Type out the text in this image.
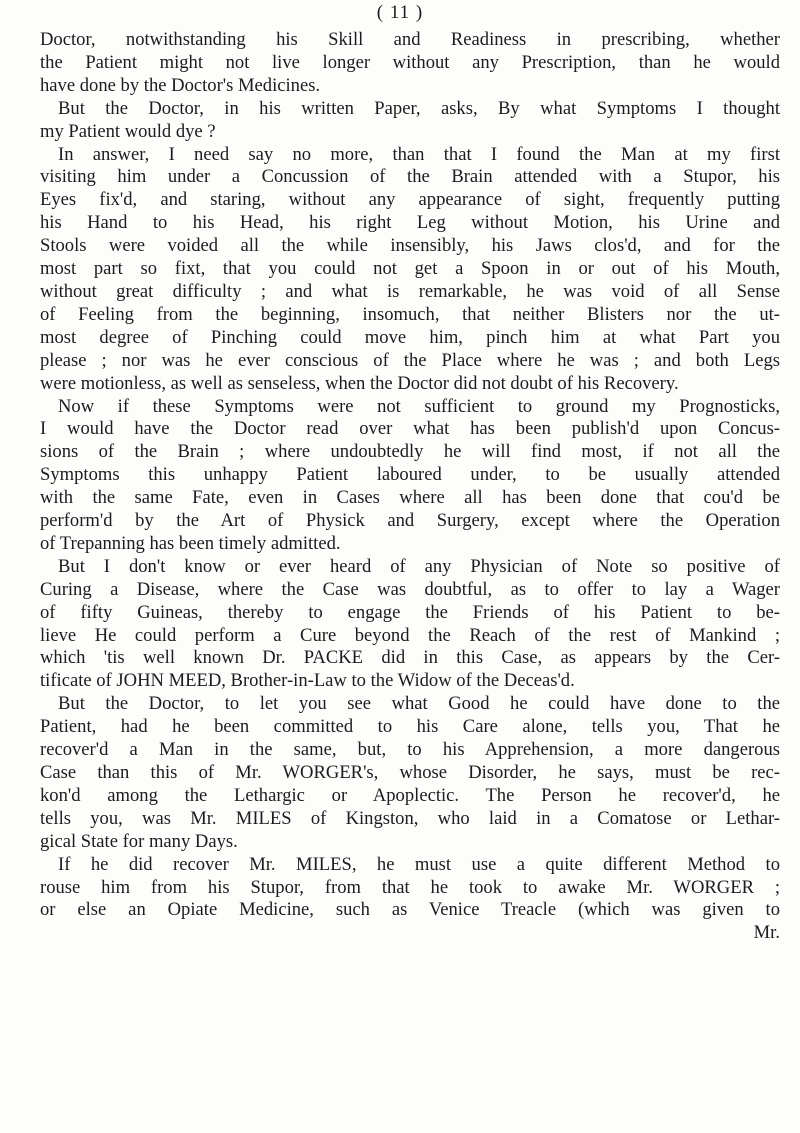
( 11 )
Doctor, notwithstanding his Skill and Readiness in prescribing, whether
the Patient might not live longer without any Prescription, than he would
have done by the Doctor's Medicines.
But the Doctor, in his written Paper, asks, By what Symptoms I thought
my Patient would dye ?
In answer, I need say no more, than that I found the Man at my first
visiting him under a Concussion of the Brain attended with a Stupor, his
Eyes fix'd, and staring, without any appearance of sight, frequently putting
his Hand to his Head, his right Leg without Motion, his Urine and
Stools were voided all the while insensibly, his Jaws clos'd, and for the
most part so fixt, that you could not get a Spoon in or out of his Mouth,
without great difficulty ; and what is remarkable, he was void of all Sense
of Feeling from the beginning, insomuch, that neither Blisters nor the ut-
most degree of Pinching could move him, pinch him at what Part you
please ; nor was he ever conscious of the Place where he was ; and both Legs
were motionless, as well as senseless, when the Doctor did not doubt of his Recovery.
Now if these Symptoms were not sufficient to ground my Prognosticks,
I would have the Doctor read over what has been publish'd upon Concus-
sions of the Brain ; where undoubtedly he will find most, if not all the
Symptoms this unhappy Patient laboured under, to be usually attended
with the same Fate, even in Cases where all has been done that cou'd be
perform'd by the Art of Physick and Surgery, except where the Operation
of Trepanning has been timely admitted.
But I don't know or ever heard of any Physician of Note so positive of
Curing a Disease, where the Case was doubtful, as to offer to lay a Wager
of fifty Guineas, thereby to engage the Friends of his Patient to be-
lieve He could perform a Cure beyond the Reach of the rest of Mankind ;
which 'tis well known Dr. PACKE did in this Case, as appears by the Cer-
tificate of JOHN MEED, Brother-in-Law to the Widow of the Deceas'd.
But the Doctor, to let you see what Good he could have done to the
Patient, had he been committed to his Care alone, tells you, That he
recover'd a Man in the same, but, to his Apprehension, a more dangerous
Case than this of Mr. WORGER's, whose Disorder, he says, must be rec-
kon'd among the Lethargic or Apoplectic. The Person he recover'd, he
tells you, was Mr. MILES of Kingston, who laid in a Comatose or Lethar-
gical State for many Days.
If he did recover Mr. MILES, he must use a quite different Method to
rouse him from his Stupor, from that he took to awake Mr. WORGER ;
or else an Opiate Medicine, such as Venice Treacle (which was given to
Mr.
